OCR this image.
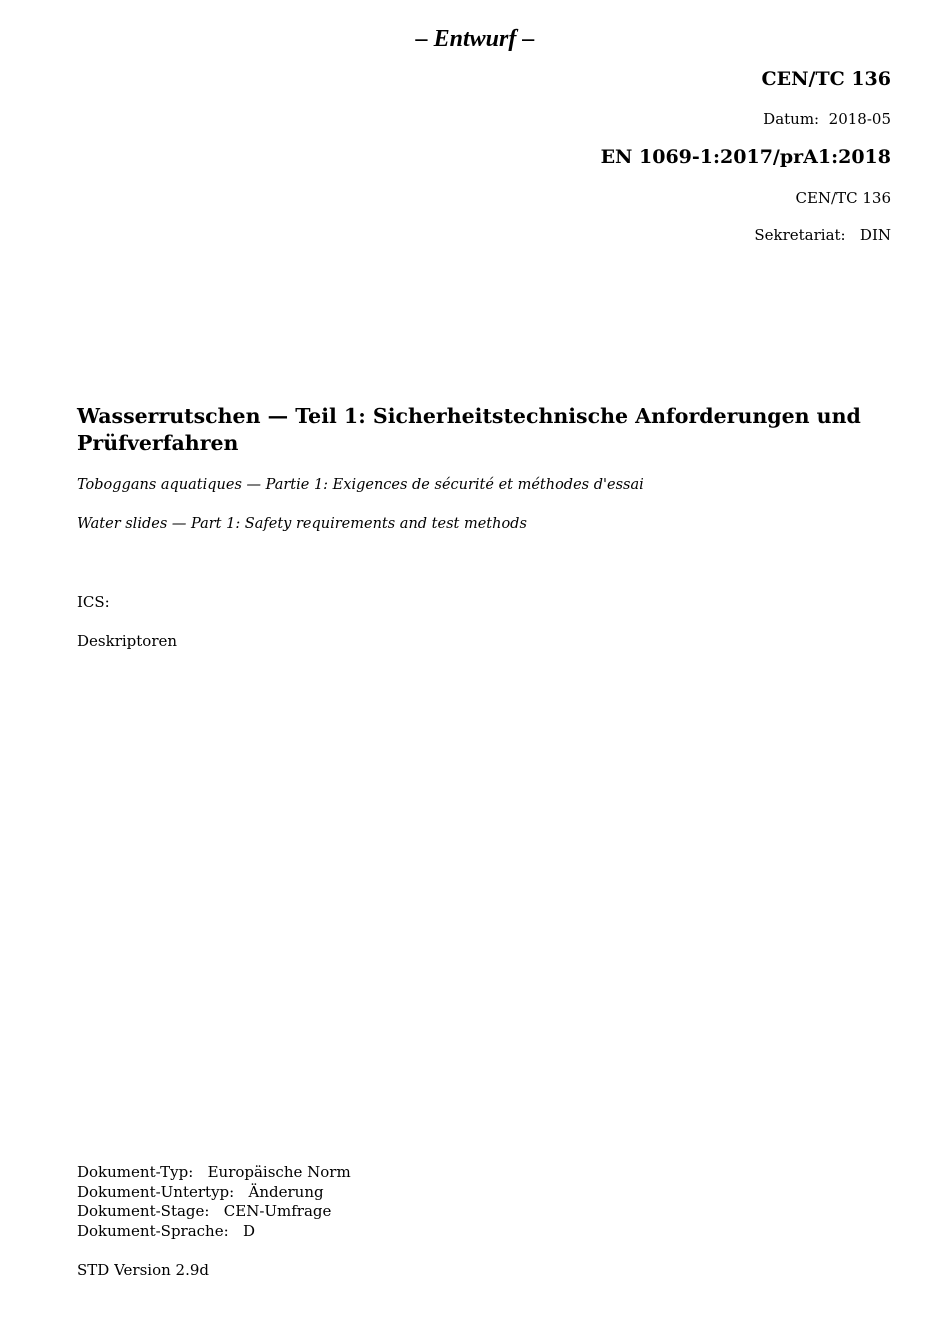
– Entwurf –
CEN/TC 136
Datum: 2018-05
EN 1069-1:2017/prA1:2018
CEN/TC 136
Sekretariat: DIN
Wasserrutschen — Teil 1: Sicherheitstechnische Anforderungen und Prüfverfahren
Toboggans aquatiques — Partie 1: Exigences de sécurité et méthodes d'essai
Water slides — Part 1: Safety requirements and test methods
ICS:
Deskriptoren
Dokument-Typ: Europäische Norm
Dokument-Untertyp: Änderung
Dokument-Stage: CEN-Umfrage
Dokument-Sprache: D
STD Version 2.9d
